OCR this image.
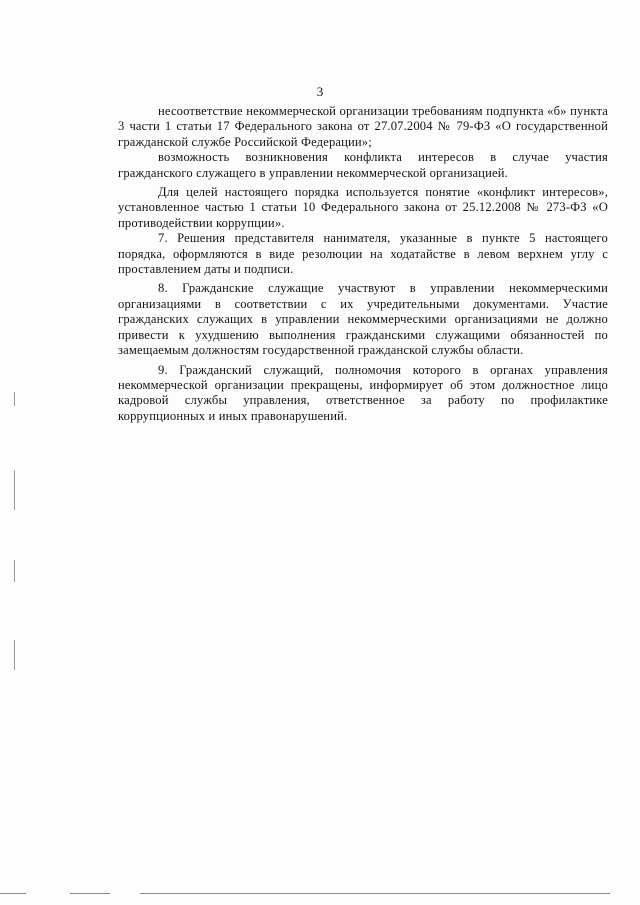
3

несоответствие некоммерческой организации требованиям подпункта «б» пункта 3 части 1 статьи 17 Федерального закона от 27.07.2004 № 79-ФЗ «О государственной гражданской службе Российской Федерации»;

возможность возникновения конфликта интересов в случае участия гражданского служащего в управлении некоммерческой организацией.

Для целей настоящего порядка используется понятие «конфликт интересов», установленное частью 1 статьи 10 Федерального закона от 25.12.2008 № 273-ФЗ «О противодействии коррупции».

7. Решения представителя нанимателя, указанные в пункте 5 настоящего порядка, оформляются в виде резолюции на ходатайстве в левом верхнем углу с проставлением даты и подписи.

8. Гражданские служащие участвуют в управлении некоммерческими организациями в соответствии с их учредительными документами. Участие гражданских служащих в управлении некоммерческими организациями не должно привести к ухудшению выполнения гражданскими служащими обязанностей по замещаемым должностям государственной гражданской службы области.

9. Гражданский служащий, полномочия которого в органах управления некоммерческой организации прекращены, информирует об этом должностное лицо кадровой службы управления, ответственное за работу по профилактике коррупционных и иных правонарушений.
